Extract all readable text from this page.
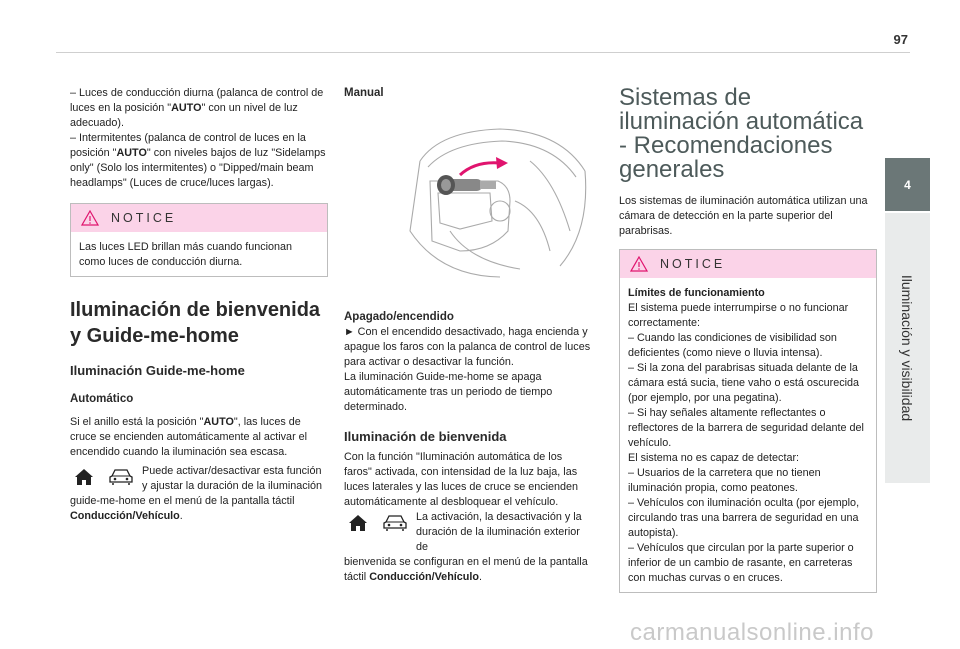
97
4
Iluminación y visibilidad

– Luces de conducción diurna (palanca de control de luces en la posición "AUTO" con un nivel de luz adecuado).

– Intermitentes (palanca de control de luces en la posición "AUTO" con niveles bajos de luz "Sidelamps only" (Solo los intermitentes) o "Dipped/main beam headlamps" (Luces de cruce/luces largas).

NOTICE
Las luces LED brillan más cuando funcionan como luces de conducción diurna.
Iluminación de bienvenida y Guide-me-home
Iluminación Guide-me-home
Automático

Si el anillo está la posición "AUTO", las luces de cruce se encienden automáticamente al activar el encendido cuando la iluminación sea escasa.

Puede activar/desactivar esta función y ajustar la duración de la iluminación

guide-me-home en el menú de la pantalla táctil Conducción/Vehículo.

Manual
Apagado/encendido

► Con el encendido desactivado, haga encienda y apague los faros con la palanca de control de luces para activar o desactivar la función.

La iluminación Guide-me-home se apaga automáticamente tras un periodo de tiempo determinado.

Iluminación de bienvenida

Con la función "Iluminación automática de los faros" activada, con intensidad de la luz baja, las luces laterales y las luces de cruce se encienden automáticamente al desbloquear el vehículo.

La activación, la desactivación y la duración de la iluminación exterior de

bienvenida se configuran en el menú de la pantalla táctil Conducción/Vehículo.

Sistemas de iluminación automática - Recomendaciones generales

Los sistemas de iluminación automática utilizan una cámara de detección en la parte superior del parabrisas.

NOTICE

Límites de funcionamiento

El sistema puede interrumpirse o no funcionar correctamente:

– Cuando las condiciones de visibilidad son deficientes (como nieve o lluvia intensa).

– Si la zona del parabrisas situada delante de la cámara está sucia, tiene vaho o está oscurecida (por ejemplo, por una pegatina).

– Si hay señales altamente reflectantes o reflectores de la barrera de seguridad delante del vehículo.

El sistema no es capaz de detectar:

– Usuarios de la carretera que no tienen iluminación propia, como peatones.

– Vehículos con iluminación oculta (por ejemplo, circulando tras una barrera de seguridad en una autopista).

– Vehículos que circulan por la parte superior o inferior de un cambio de rasante, en carreteras con muchas curvas o en cruces.

carmanualsonline.info
